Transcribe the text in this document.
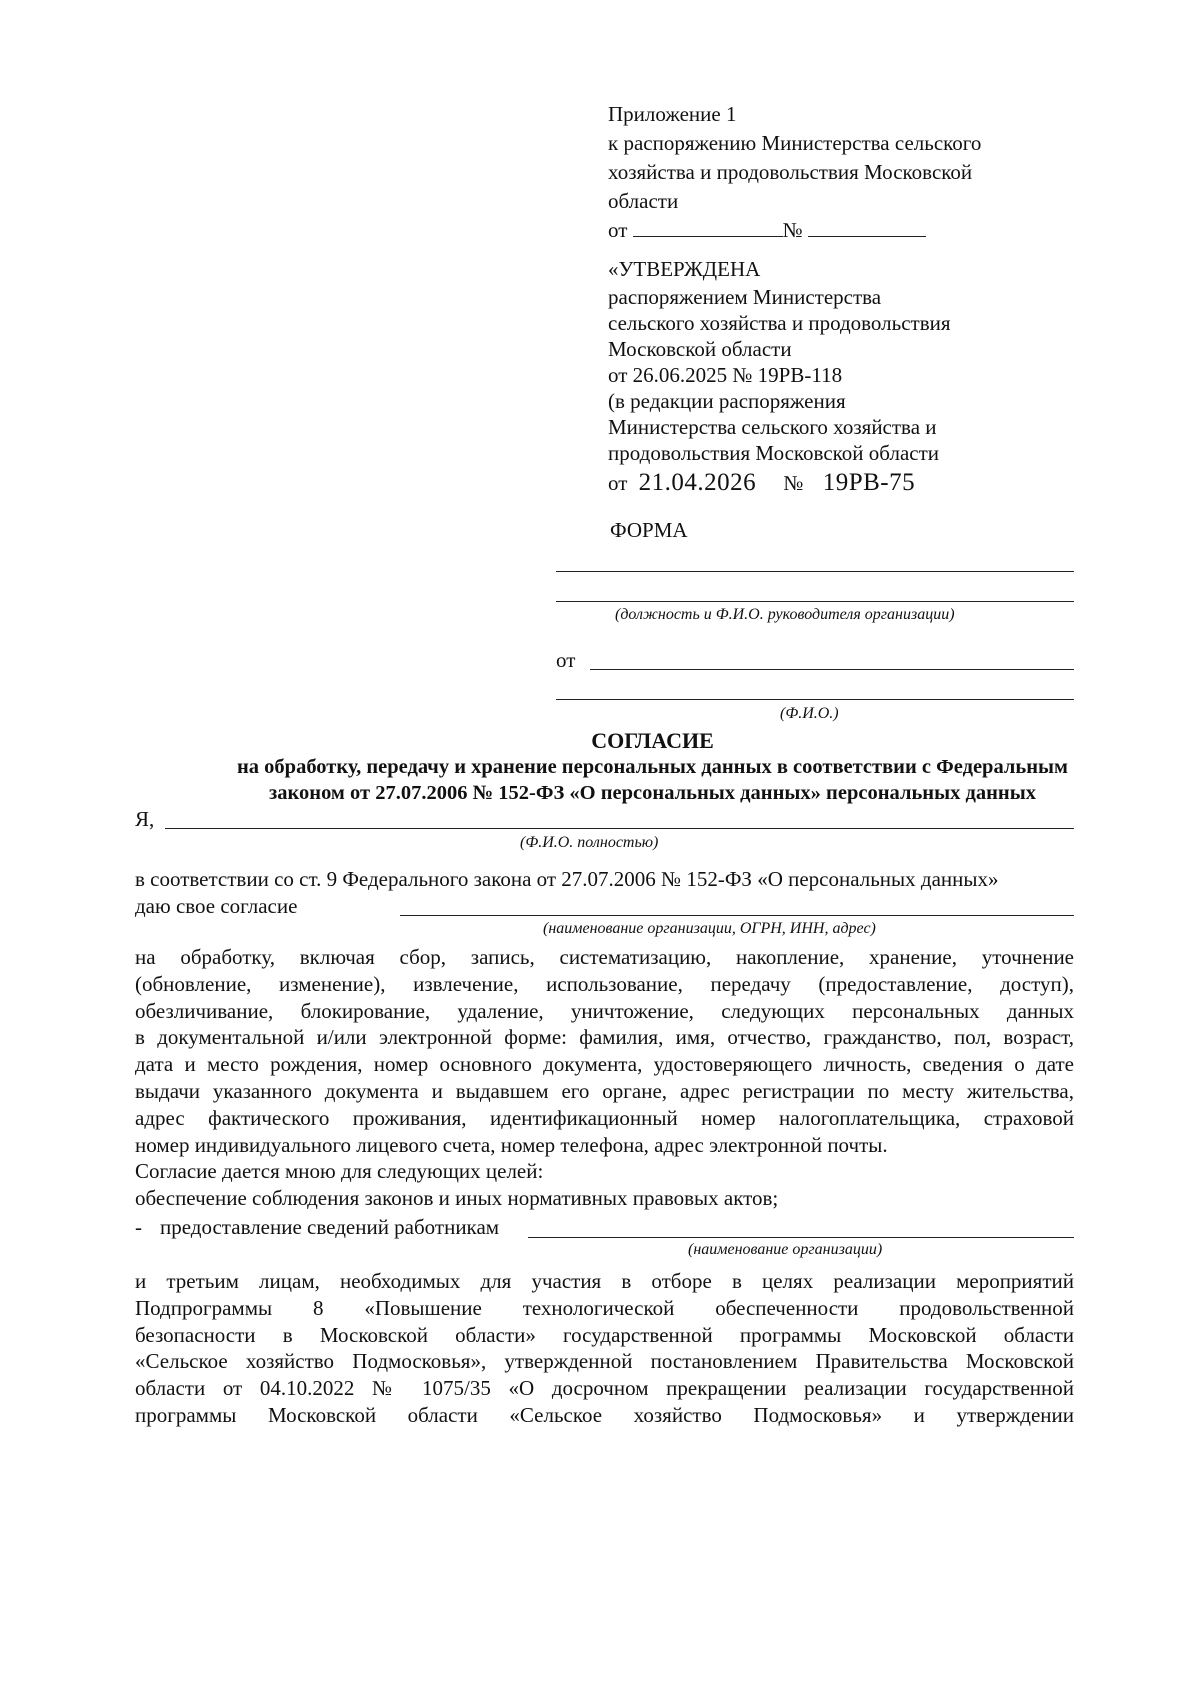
Приложение 1

к распоряжению Министерства сельского

хозяйства и продовольствия Московской

области

от	№

«УТВЕРЖДЕНА

распоряжением Министерства

сельского хозяйства и продовольствия

Московской области

от 26.06.2025 № 19РВ-118

(в редакции распоряжения

Министерства сельского хозяйства и

продовольствия Московской области

от 21.04.2026 № 19РВ-75

ФОРМА

(должность и Ф.И.О. руководителя организации)

от

(Ф.И.О.)

СОГЛАСИЕ

на обработку, передачу и хранение персональных данных в соответствии с Федеральным

законом от 27.07.2006 № 152-ФЗ «О персональных данных» персональных данных

Я,

(Ф.И.О. полностью)

в соответствии со ст. 9 Федерального закона от 27.07.2006 № 152-ФЗ «О персональных данных»

даю свое согласие

(наименование организации, ОГРН, ИНН, адрес)
на обработку, включая сбор, запись, систематизацию, накопление, хранение, уточнение
(обновление, изменение), извлечение, использование, передачу (предоставление, доступ),
обезличивание, блокирование, удаление, уничтожение, следующих персональных данных
в документальной и/или электронной форме: фамилия, имя, отчество, гражданство, пол, возраст,
дата и место рождения, номер основного документа, удостоверяющего личность, сведения о дате
выдачи указанного документа и выдавшем его органе, адрес регистрации по месту жительства,
адрес фактического проживания, идентификационный номер налогоплательщика, страховой
номер индивидуального лицевого счета, номер телефона, адрес электронной почты.
Согласие дается мною для следующих целей:
обеспечение соблюдения законов и иных нормативных правовых актов;

- предоставление сведений работникам

(наименование организации)
и третьим лицам, необходимых для участия в отборе в целях реализации мероприятий
Подпрограммы 8 «Повышение технологической обеспеченности продовольственной
безопасности в Московской области» государственной программы Московской области
«Сельское хозяйство Подмосковья», утвержденной постановлением Правительства Московской
области от 04.10.2022 № 1075/35 «О досрочном прекращении реализации государственной
программы Московской области «Сельское хозяйство Подмосковья» и утверждении
